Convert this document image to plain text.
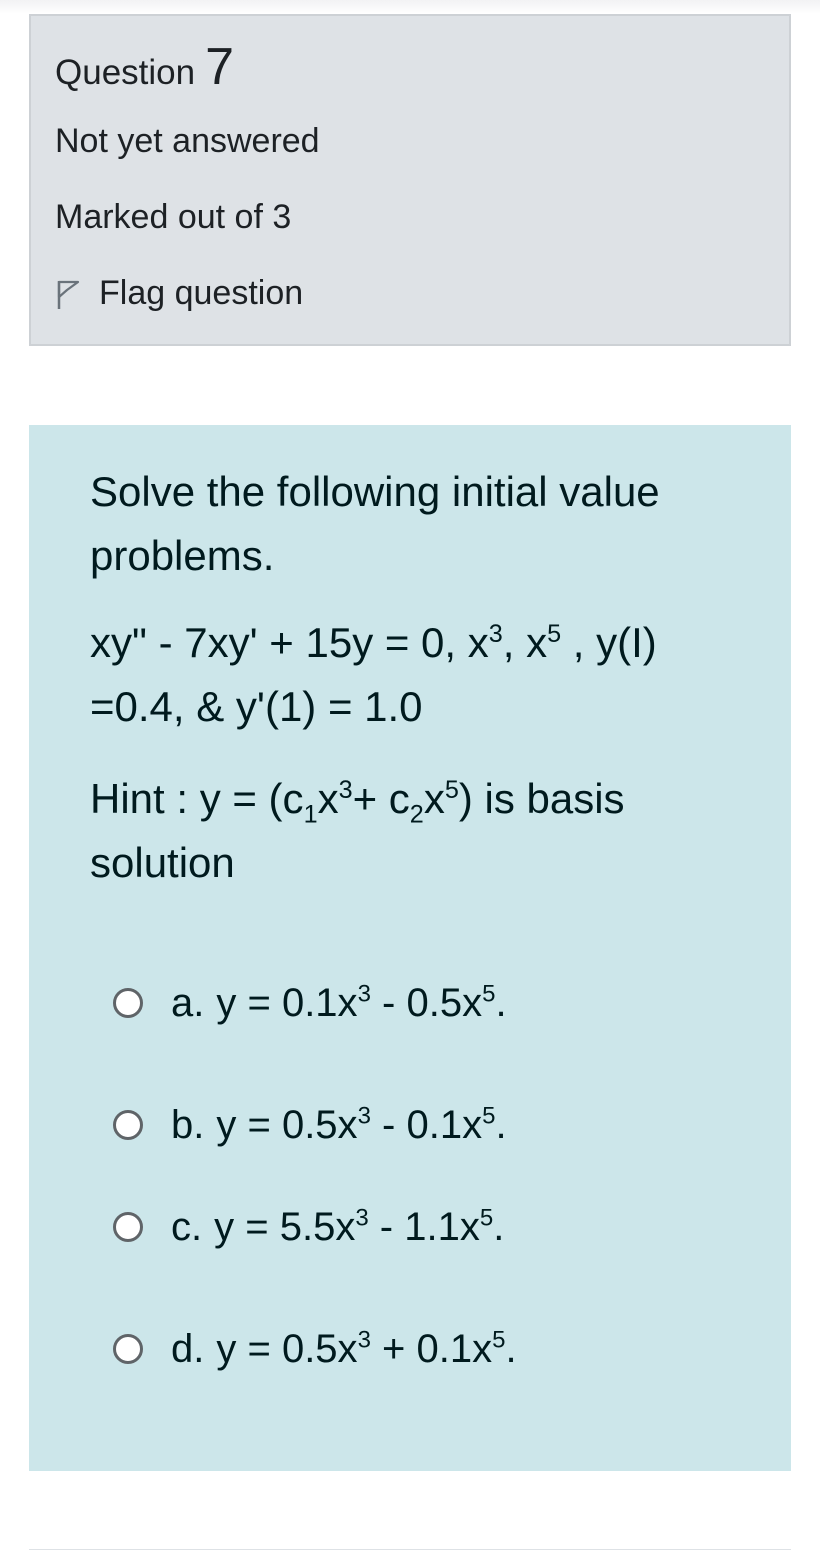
Question 7
Not yet answered
Marked out of 3
Flag question
Solve the following initial value problems.
xy" - 7xy' + 15y = 0, $x^3$, $x^5$ , y(I) =0.4, & y'(1) = 1.0
Hint : $y = (c_1x^3+ c_2x^5)$ is basis solution
a. $y = 0.1x^3 - 0.5x^5$.
b. $y = 0.5x^3 - 0.1x^5$.
c. $y = 5.5x^3 - 1.1x^5$.
d. $y = 0.5x^3 + 0.1x^5$.
